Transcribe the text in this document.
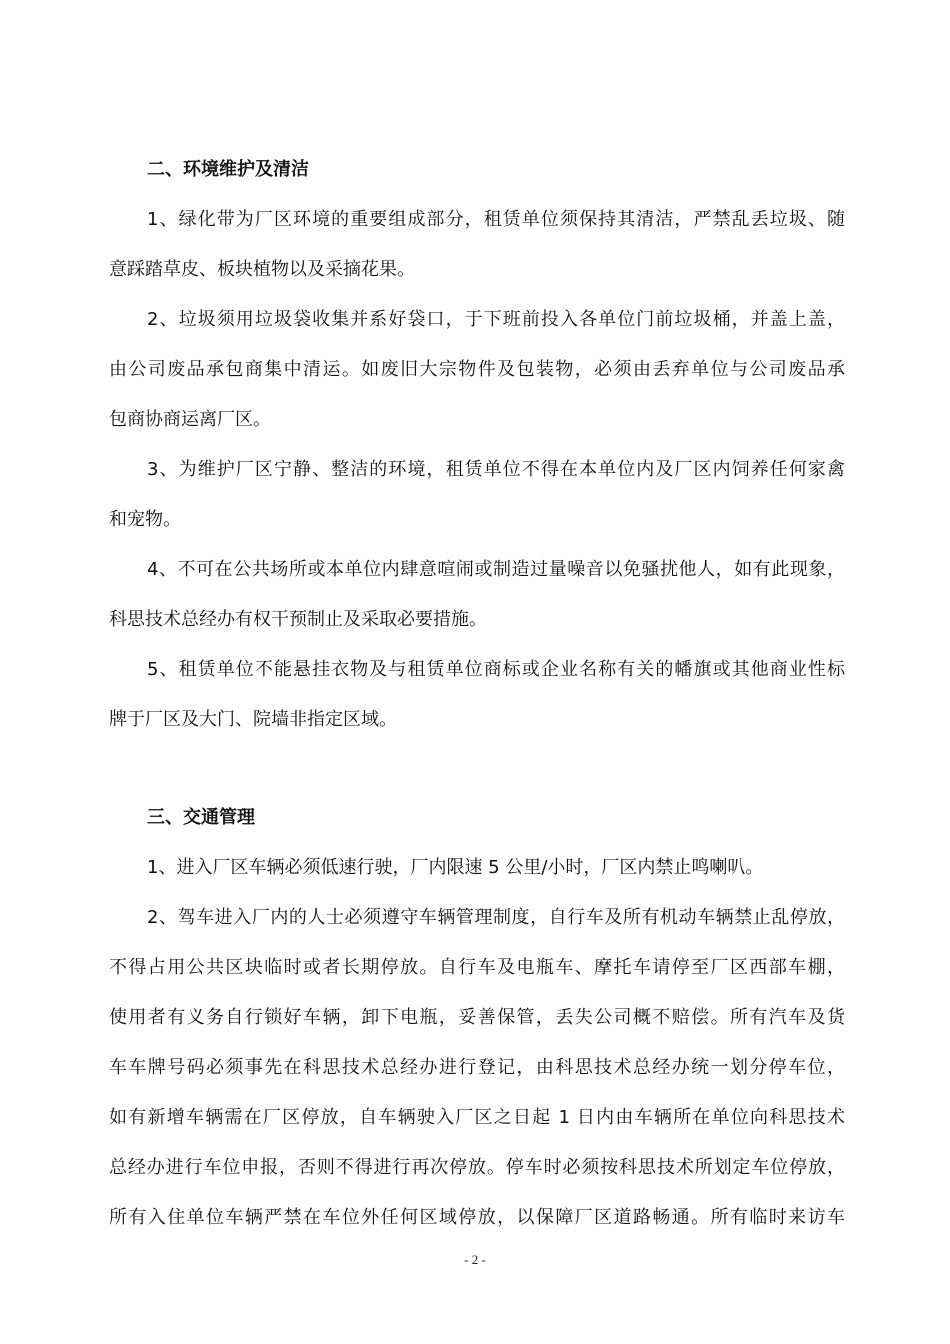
二、环境维护及清洁
1、绿化带为厂区环境的重要组成部分，租赁单位须保持其清洁，严禁乱丢垃圾、随
意踩踏草皮、板块植物以及采摘花果。
2、垃圾须用垃圾袋收集并系好袋口，于下班前投入各单位门前垃圾桶，并盖上盖，
由公司废品承包商集中清运。如废旧大宗物件及包装物，必须由丢弃单位与公司废品承
包商协商运离厂区。
3、为维护厂区宁静、整洁的环境，租赁单位不得在本单位内及厂区内饲养任何家禽
和宠物。
4、不可在公共场所或本单位内肆意喧闹或制造过量噪音以免骚扰他人，如有此现象，
科思技术总经办有权干预制止及采取必要措施。
5、租赁单位不能悬挂衣物及与租赁单位商标或企业名称有关的幡旗或其他商业性标
牌于厂区及大门、院墙非指定区域。
三、交通管理
1、进入厂区车辆必须低速行驶，厂内限速 5 公里/小时，厂区内禁止鸣喇叭。
2、驾车进入厂内的人士必须遵守车辆管理制度，自行车及所有机动车辆禁止乱停放，
不得占用公共区块临时或者长期停放。自行车及电瓶车、摩托车请停至厂区西部车棚，
使用者有义务自行锁好车辆，卸下电瓶，妥善保管，丢失公司概不赔偿。所有汽车及货
车车牌号码必须事先在科思技术总经办进行登记，由科思技术总经办统一划分停车位，
如有新增车辆需在厂区停放，自车辆驶入厂区之日起 1 日内由车辆所在单位向科思技术
总经办进行车位申报，否则不得进行再次停放。停车时必须按科思技术所划定车位停放，
所有入住单位车辆严禁在车位外任何区域停放，以保障厂区道路畅通。所有临时来访车
- 2 -
